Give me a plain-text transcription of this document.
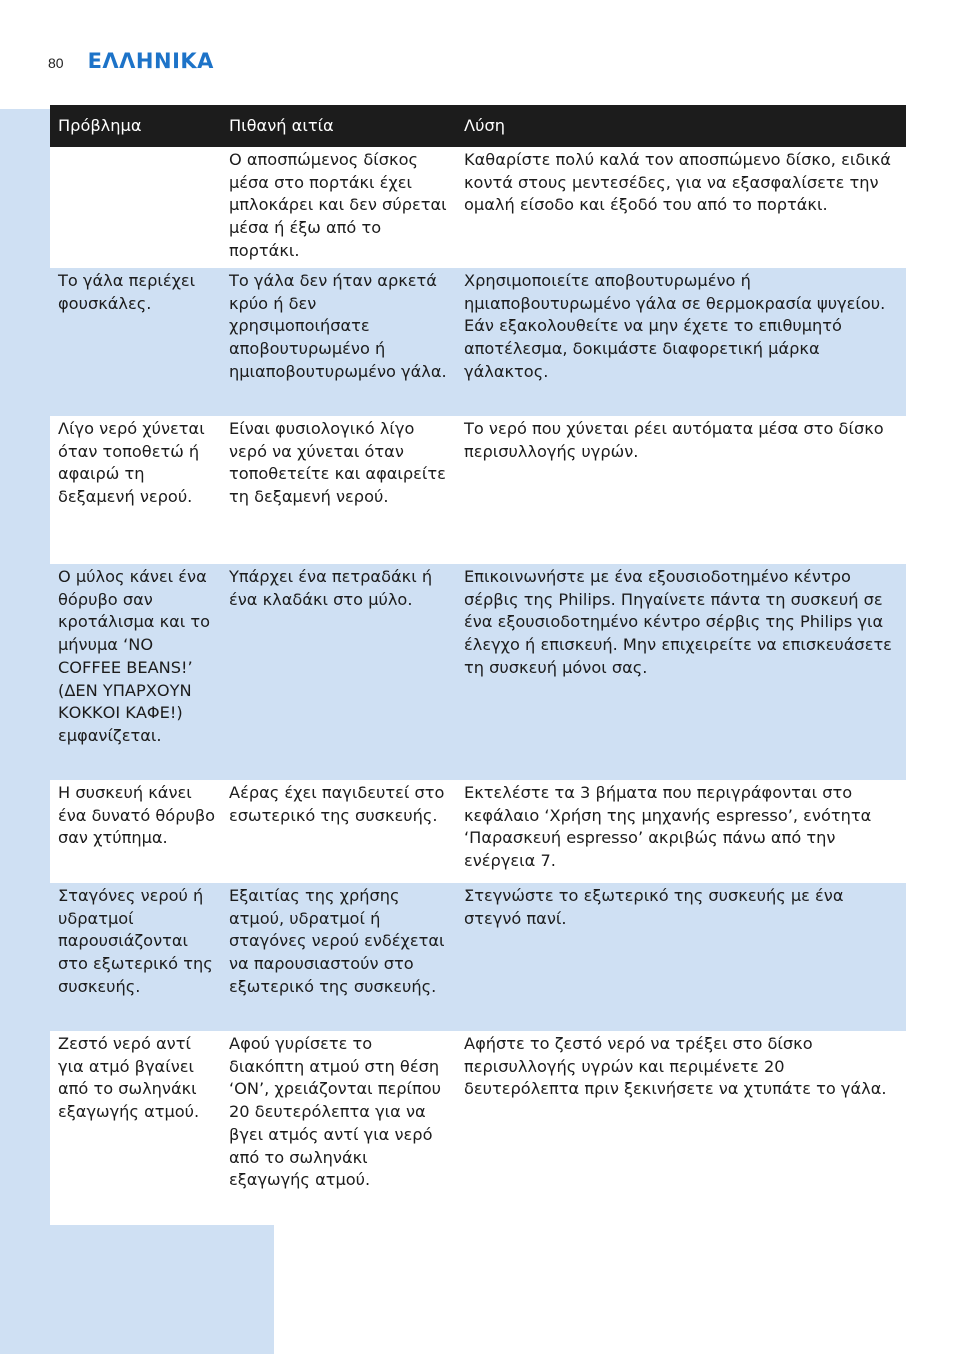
80 ΕΛΛΗΝΙΚΑ
Πρόβλημα	Πιθανή αιτία	Λύση
	Ο αποσπώμενος δίσκος μέσα στο πορτάκι έχει μπλοκάρει και δεν σύρεται μέσα ή έξω από το πορτάκι.	Καθαρίστε πολύ καλά τον αποσπώμενο δίσκο, ειδικά κοντά στους μεντεσέδες, για να εξασφαλίσετε την ομαλή είσοδο και έξοδό του από το πορτάκι.
Το γάλα περιέχει φουσκάλες.	Το γάλα δεν ήταν αρκετά κρύο ή δεν χρησιμοποιήσατε αποβουτυρωμένο ή ημιαποβουτυρωμένο γάλα.	Χρησιμοποιείτε αποβουτυρωμένο ή ημιαποβουτυρωμένο γάλα σε θερμοκρασία ψυγείου. Εάν εξακολουθείτε να μην έχετε το επιθυμητό αποτέλεσμα, δοκιμάστε διαφορετική μάρκα γάλακτος.
Λίγο νερό χύνεται όταν τοποθετώ ή αφαιρώ τη δεξαμενή νερού.	Είναι φυσιολογικό λίγο νερό να χύνεται όταν τοποθετείτε και αφαιρείτε τη δεξαμενή νερού.	Το νερό που χύνεται ρέει αυτόματα μέσα στο δίσκο περισυλλογής υγρών.
Ο μύλος κάνει ένα θόρυβο σαν κροτάλισμα και το μήνυμα ‘NO COFFEE BEANS!’ (ΔΕΝ ΥΠΑΡΧΟΥΝ ΚΟΚΚΟΙ ΚΑΦΕ!) εμφανίζεται.	Υπάρχει ένα πετραδάκι ή ένα κλαδάκι στο μύλο.	Επικοινωνήστε με ένα εξουσιοδοτημένο κέντρο σέρβις της Philips. Πηγαίνετε πάντα τη συσκευή σε ένα εξουσιοδοτημένο κέντρο σέρβις της Philips για έλεγχο ή επισκευή. Μην επιχειρείτε να επισκευάσετε τη συσκευή μόνοι σας.
Η συσκευή κάνει ένα δυνατό θόρυβο σαν χτύπημα.	Αέρας έχει παγιδευτεί στο εσωτερικό της συσκευής.	Εκτελέστε τα 3 βήματα που περιγράφονται στο κεφάλαιο ‘Χρήση της μηχανής espresso’, ενότητα ‘Παρασκευή espresso’ ακριβώς πάνω από την ενέργεια 7.
Σταγόνες νερού ή υδρατμοί παρουσιάζονται στο εξωτερικό της συσκευής.	Εξαιτίας της χρήσης ατμού, υδρατμοί ή σταγόνες νερού ενδέχεται να παρουσιαστούν στο εξωτερικό της συσκευής.	Στεγνώστε το εξωτερικό της συσκευής με ένα στεγνό πανί.
Ζεστό νερό αντί για ατμό βγαίνει από το σωληνάκι εξαγωγής ατμού.	Αφού γυρίσετε το διακόπτη ατμού στη θέση ‘ON’, χρειάζονται περίπου 20 δευτερόλεπτα για να βγει ατμός αντί για νερό από το σωληνάκι εξαγωγής ατμού.	Αφήστε το ζεστό νερό να τρέξει στο δίσκο περισυλλογής υγρών και περιμένετε 20 δευτερόλεπτα πριν ξεκινήσετε να χτυπάτε το γάλα.
